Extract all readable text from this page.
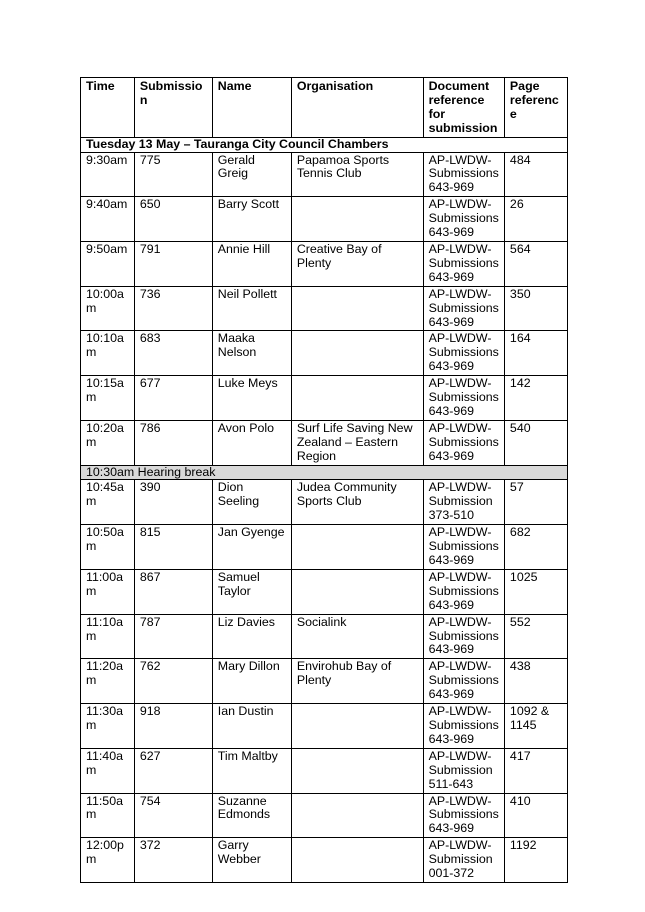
Time	Submission	Name	Organisation	Document
reference
for
submission	Page
reference
Tuesday 13 May – Tauranga City Council Chambers					
9:30am	775	Gerald Greig	Papamoa Sports
Tennis Club	AP-LWDW-
Submissions
643-969	484
9:40am	650	Barry Scott		AP-LWDW-
Submissions
643-969	26
9:50am	791	Annie Hill	Creative Bay of
Plenty	AP-LWDW-
Submissions
643-969	564
10:00am	736	Neil Pollett		AP-LWDW-
Submissions
643-969	350
10:10am	683	Maaka
Nelson		AP-LWDW-
Submissions
643-969	164
10:15am	677	Luke Meys		AP-LWDW-
Submissions
643-969	142
10:20am	786	Avon Polo	Surf Life Saving New
Zealand – Eastern
Region	AP-LWDW-
Submissions
643-969	540
10:30am Hearing break					
10:45am	390	Dion Seeling	Judea Community
Sports Club	AP-LWDW-
Submission
373-510	57
10:50am	815	Jan Gyenge		AP-LWDW-
Submissions
643-969	682
11:00am	867	Samuel
Taylor		AP-LWDW-
Submissions
643-969	1025
11:10am	787	Liz Davies	Socialink	AP-LWDW-
Submissions
643-969	552
11:20am	762	Mary Dillon	Envirohub Bay of
Plenty	AP-LWDW-
Submissions
643-969	438
11:30am	918	Ian Dustin		AP-LWDW-
Submissions
643-969	1092 &
1145
11:40am	627	Tim Maltby		AP-LWDW-
Submission
511-643	417
11:50am	754	Suzanne
Edmonds		AP-LWDW-
Submissions
643-969	410
12:00pm	372	Garry
Webber		AP-LWDW-
Submission
001-372	1192
